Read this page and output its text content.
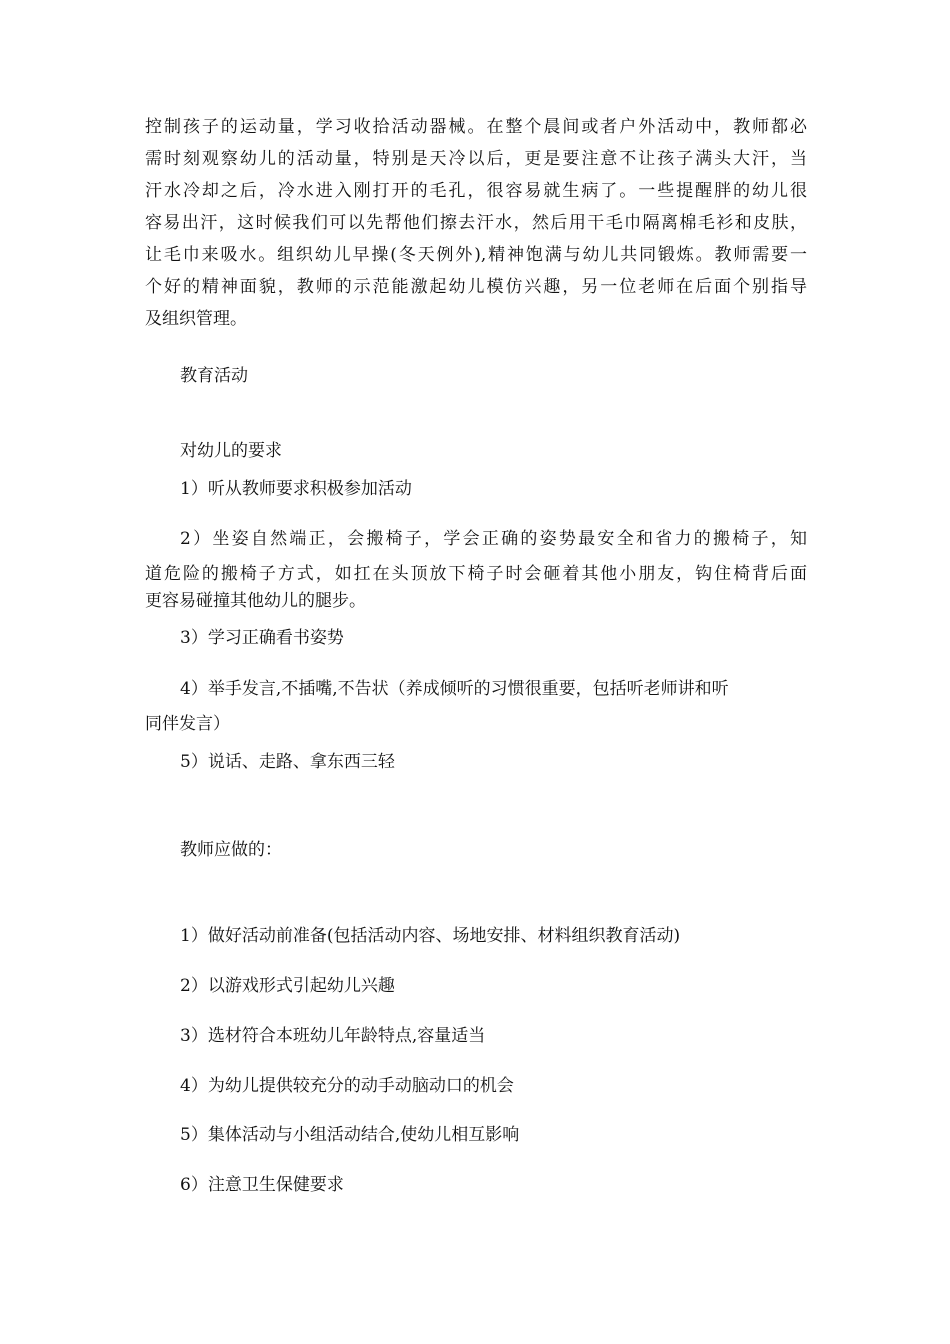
控制孩子的运动量，学习收拾活动器械。在整个晨间或者户外活动中，教师都必
需时刻观察幼儿的活动量，特别是天冷以后，更是要注意不让孩子满头大汗，当
汗水冷却之后，冷水进入刚打开的毛孔，很容易就生病了。一些提醒胖的幼儿很
容易出汗，这时候我们可以先帮他们擦去汗水，然后用干毛巾隔离棉毛衫和皮肤，
让毛巾来吸水。组织幼儿早操(冬天例外),精神饱满与幼儿共同锻炼。教师需要一
个好的精神面貌，教师的示范能激起幼儿模仿兴趣，另一位老师在后面个别指导
及组织管理。
教育活动
对幼儿的要求
1）听从教师要求积极参加活动
2）坐姿自然端正，会搬椅子，学会正确的姿势最安全和省力的搬椅子，知
道危险的搬椅子方式，如扛在头顶放下椅子时会砸着其他小朋友，钩住椅背后面
更容易碰撞其他幼儿的腿步。
3）学习正确看书姿势
4）举手发言,不插嘴,不告状（养成倾听的习惯很重要，包括听老师讲和听
同伴发言）
5）说话、走路、拿东西三轻
教师应做的：
1）做好活动前准备(包括活动内容、场地安排、材料组织教育活动)
2）以游戏形式引起幼儿兴趣
3）选材符合本班幼儿年龄特点,容量适当
4）为幼儿提供较充分的动手动脑动口的机会
5）集体活动与小组活动结合,使幼儿相互影响
6）注意卫生保健要求
